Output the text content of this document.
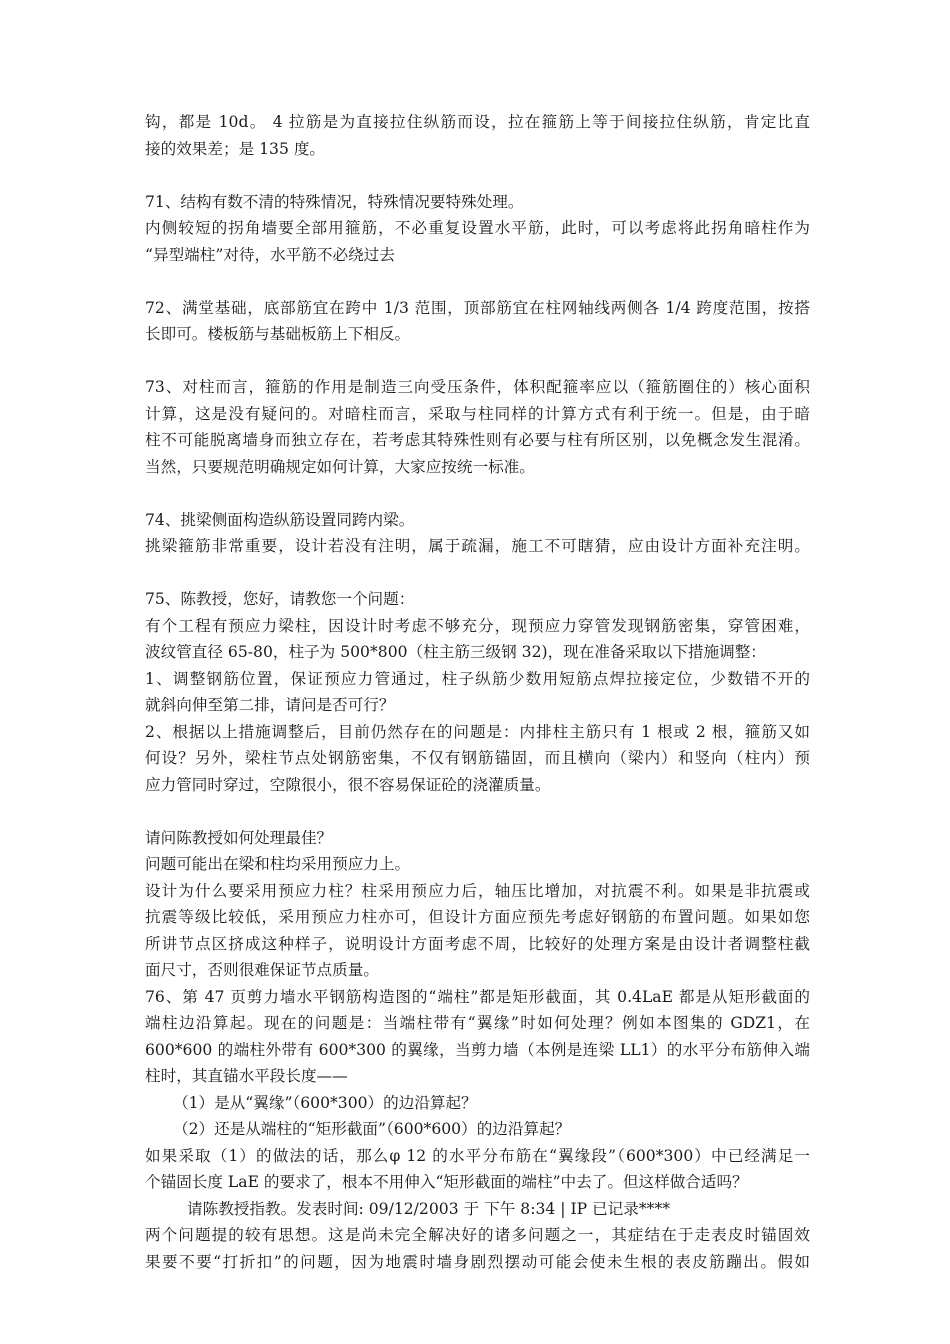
钩，都是 10d。 4 拉筋是为直接拉住纵筋而设，拉在箍筋上等于间接拉住纵筋，肯定比直
接的效果差；是 135 度。
71、结构有数不清的特殊情况，特殊情况要特殊处理。
内侧较短的拐角墙要全部用箍筋，不必重复设置水平筋，此时，可以考虑将此拐角暗柱作为
“异型端柱”对待，水平筋不必绕过去
72、满堂基础，底部筋宜在跨中 1/3 范围，顶部筋宜在柱网轴线两侧各 1/4 跨度范围，按搭
长即可。楼板筋与基础板筋上下相反。
73、对柱而言，箍筋的作用是制造三向受压条件，体积配箍率应以（箍筋圈住的）核心面积
计算，这是没有疑问的。对暗柱而言，采取与柱同样的计算方式有利于统一。但是，由于暗
柱不可能脱离墙身而独立存在，若考虑其特殊性则有必要与柱有所区别，以免概念发生混淆。
当然，只要规范明确规定如何计算，大家应按统一标准。
74、挑梁侧面构造纵筋设置同跨内梁。
挑梁箍筋非常重要，设计若没有注明，属于疏漏，施工不可瞎猜，应由设计方面补充注明。
75、陈教授，您好，请教您一个问题：
有个工程有预应力梁柱，因设计时考虑不够充分，现预应力穿管发现钢筋密集，穿管困难，
波纹管直径 65-80，柱子为 500*800（柱主筋三级钢 32)，现在准备采取以下措施调整：
1、调整钢筋位置，保证预应力管通过，柱子纵筋少数用短筋点焊拉接定位，少数错不开的
就斜向伸至第二排，请问是否可行？
2、根据以上措施调整后，目前仍然存在的问题是：内排柱主筋只有 1 根或 2 根，箍筋又如
何设？另外，梁柱节点处钢筋密集，不仅有钢筋锚固，而且横向（梁内）和竖向（柱内）预
应力管同时穿过，空隙很小，很不容易保证砼的浇灌质量。
请问陈教授如何处理最佳？
问题可能出在梁和柱均采用预应力上。
设计为什么要采用预应力柱？柱采用预应力后，轴压比增加，对抗震不利。如果是非抗震或
抗震等级比较低，采用预应力柱亦可，但设计方面应预先考虑好钢筋的布置问题。如果如您
所讲节点区挤成这种样子，说明设计方面考虑不周，比较好的处理方案是由设计者调整柱截
面尺寸，否则很难保证节点质量。
76、第 47 页剪力墙水平钢筋构造图的“端柱”都是矩形截面，其 0.4LaE 都是从矩形截面的
端柱边沿算起。现在的问题是：当端柱带有“翼缘”时如何处理？例如本图集的 GDZ1，在
600*600 的端柱外带有 600*300 的翼缘，当剪力墙（本例是连梁 LL1）的水平分布筋伸入端
柱时，其直锚水平段长度——
（1）是从“翼缘”（600*300）的边沿算起？
（2）还是从端柱的“矩形截面”（600*600）的边沿算起？
如果采取（1）的做法的话，那么φ 12 的水平分布筋在“翼缘段”（600*300）中已经满足一
个锚固长度 LaE 的要求了，根本不用伸入“矩形截面的端柱”中去了。但这样做合适吗？
请陈教授指教。发表时间: 09/12/2003 于 下午 8:34 | IP 已记录****
两个问题提的较有思想。这是尚未完全解决好的诸多问题之一，其症结在于走表皮时锚固效
果要不要“打折扣”的问题，因为地震时墙身剧烈摆动可能会使未生根的表皮筋蹦出。假如
